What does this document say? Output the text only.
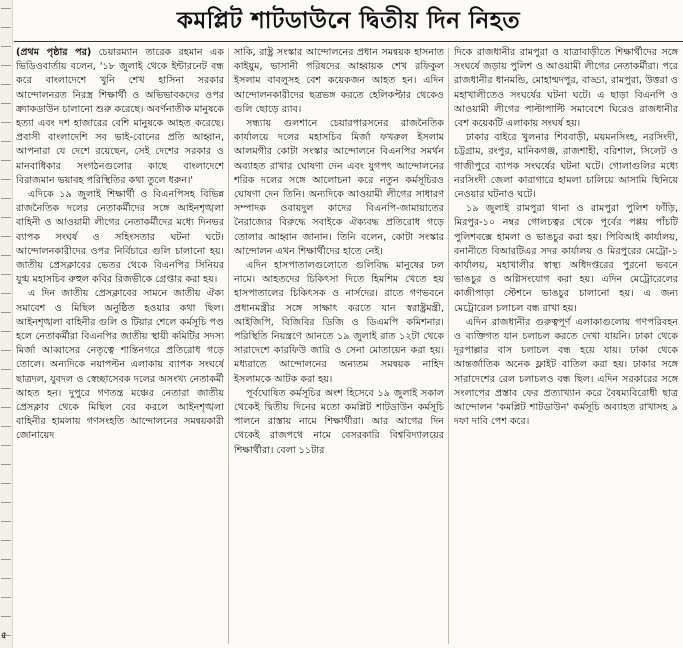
কমপ্লিট শাটডাউনে দ্বিতীয় দিন নিহত

(প্রথম পৃষ্ঠার পর) চেয়ারম্যান তারেক রহমান এক ভিডিওবার্তায় বলেন, '১৮ জুলাই থেকে ইন্টারনেট বন্ধ করে বাংলাদেশে খুনি শেখ হাসিনা সরকার আন্দোলনরত নিরস্ত্র শিক্ষার্থী ও অভিভাবকদের ওপর ক্র্যাকডাউন চালানো শুরু করেছে। অবর্ণনাতীক মানুষকে হত্যা এবং দশ হাজারের বেশি মানুষকে আহত করেছে। প্রবাসী বাংলাদেশি সব ভাই-বোনের প্রতি আহ্বান, আপনারা যে দেশে রয়েছেন, সেই দেশের সরকার ও মানবাধিকার সংগঠনগুলোর কাছে বাংলাদেশে বিরাজমান ভয়াবহ পরিস্থিতির কথা তুলে ধরুন।'

এদিকে ১৯ জুলাই শিক্ষার্থী ও বিএনপিসহ বিভিন্ন রাজনৈতিক দলের নেতাকর্মীদের সঙ্গে আইনশৃঙ্খলা বাহিনী ও আওয়ামী লীগের নেতাকর্মীদের মধ্যে দিনভর ব্যাপক সংঘর্ষ ও সহিংসতার ঘটনা ঘটে। আন্দোলনকারীদের ওপর নির্বিচারে গুলি চালানো হয়। জাতীয় প্রেসক্লাবের ভেতর থেকে বিএনপির সিনিয়র যুগ্ম মহাসচিব রুহুল কবির রিজভীকে গ্রেপ্তার করা হয়।

এ দিন জাতীয় প্রেসক্লাবের সামনে জাতীয় ঐক্য সমাবেশ ও মিছিল অনুষ্ঠিত হওয়ার কথা ছিল। আইনশৃঙ্খলা বাহিনীর গুলি ও টিয়ার শেলে কর্মসূচি পণ্ড হলে নেতাকর্মীরা বিএনপির জাতীয় স্থায়ী কমিটির সদস্য মির্জা আব্বাসের নেতৃত্বে শান্তিনগরে প্রতিরোধ গড়ে তোলে। অন্যদিকে নয়াপল্টন এলাকায় ব্যাপক সংঘর্ষে ছাত্রদল, যুবদল ও স্বেচ্ছাসেবক দলের অসংখ্য নেতাকর্মী আহত হন। দুপুরে গণতন্ত্র মঞ্চের নেতারা জাতীয় প্রেসক্লাব থেকে মিছিল বের করলে আইনশৃঙ্খলা বাহিনীর হামলায় গণসংহতি আন্দোলনের সমন্বয়কারী জোনায়েদ

সাকি, রাষ্ট্র সংস্কার আন্দোলনের প্রধান সমন্বয়ক হাসনাত কাইয়ুম, ভাসানী পরিষদের আহ্বায়ক শেখ রফিকুল ইসলাম বাবলুসহ বেশ কয়েকজন আহত হন। এদিন আন্দোলনকারীদের ছত্রভঙ্গ করতে হেলিকপ্টার থেকেও গুলি ছোড়ে র‍্যাব।

সন্ধ্যায় গুলশানে চেয়ারপারসনের রাজনৈতিক কার্যালয়ে দলের মহাসচিব মির্জা ফখরুল ইসলাম আলমগীর কোটা সংস্কার আন্দোলনে বিএনপির সমর্থন অব্যাহত রাখার ঘোষণা দেন এবং যুগপৎ আন্দোলনের শরিক দলের সঙ্গে আলোচনা করে নতুন কর্মসূচিরও ঘোষণা দেন তিনি। অন্যদিকে আওয়ামী লীগের সাধারণ সম্পাদক ওবায়দুল কাদের বিএনপি-জামায়াতের নৈরাজ্যের বিরুদ্ধে সবাইকে ঐক্যবদ্ধ প্রতিরোধ গড়ে তোলার আহ্বান জানান। তিনি বলেন, কোটা সংস্কার আন্দোলন এখন শিক্ষার্থীদের হাতে নেই।

এদিন হাসপাতালগুলোতে গুলিবিদ্ধ মানুষের ঢল নামে। আহতদের চিকিৎসা দিতে হিমশিম খেতে হয় হাসপাতালের চিকিৎসক ও নার্সদের। রাতে গণভবনে প্রধানমন্ত্রীর সঙ্গে সাক্ষাৎ করতে যান স্বরাষ্ট্রমন্ত্রী, আইজিপি, বিজিবির ডিজি ও ডিএমপি কমিশনার। পরিস্থিতি নিয়ন্ত্রণে আনতে ১৯ জুলাই রাত ১২টা থেকে সারাদেশে কারফিউ জারি ও সেনা মোতায়েন করা হয়। মধ্যরাতে আন্দোলনের অন্যতম সমন্বয়ক নাহিদ ইসলামকে আটক করা হয়।

পূর্বঘোষিত কর্মসূচির অংশ হিসেবে ১৯ জুলাই সকাল থেকেই দ্বিতীয় দিনের মতো কমপ্লিট শাটডাউন কর্মসূচি পালনে রাস্তায় নামে শিক্ষার্থীরা। আর আগের দিন থেকেই রাজপথে নামে বেসরকারি বিশ্ববিদ্যালয়ের শিক্ষার্থীরা। বেলা ১১টার

দিকে রাজধানীর রামপুরা ও যাত্রাবাড়ীতে শিক্ষার্থীদের সঙ্গে সংঘর্ষে জড়ায় পুলিশ ও আওয়ামী লীগের নেতাকর্মীরা। পরে রাজধানীর ধানমন্ডি, মোহাম্মদপুর, বাড্ডা, রামপুরা, উত্তরা ও মহাখালীতেও সংঘর্ষের ঘটনা ঘটে। এ ছাড়া বিএনপি ও আওয়ামী লীগের পাল্টাপাল্টি সমাবেশে ঘিরেও রাজধানীর বেশ কয়েকটি এলাকায় সংঘর্ষ হয়।

ঢাকার বাইরে খুলনার শিববাড়ী, ময়মনসিংহ, নরসিংদী, চট্টগ্রাম, রংপুর, মানিকগঞ্জ, রাজশাহী, বরিশাল, সিলেট ও গাজীপুরে ব্যাপক সংঘর্ষের ঘটনা ঘটে। গোলাগুলির মধ্যে নরসিংদী জেলা কারাগারে হামলা চালিয়ে আসামি ছিনিয়ে নেওয়ার ঘটনাও ঘটে।

১৯ জুলাই রামপুরা থানা ও রামপুরা পুলিশ ফাঁড়ি, মিরপুর-১০ নম্বর গোলচত্বর থেকে পূর্বের পপ্পয় পাঁচটি পুলিশবক্সে হামলা ও ভাঙচুর করা হয়। পিবিআই কার্যালয়, বনানীতে বিআরটিএর সদর কার্যালয় ও মিরপুরের মেট্রো-১ কার্যালয়, মহাখালীর স্বাস্থ্য অধিদপ্তরের পুরনো ভবনে ভাঙচুর ও অগ্নিসংযোগ করা হয়। এদিন মেট্রোরেলের কাজীপাড়া স্টেশনে ভাঙচুর চালানো হয়। এ জন্য মেট্রোরেল চলাচল বন্ধ রাখা হয়।

এদিন রাজধানীর গুরুত্বপূর্ণ এলাকাগুলোয় গণপরিবহন ও ব্যক্তিগত যান চলাচল করতে দেখা যায়নি। ঢাকা থেকে দূরপাল্লার বাস চলাচল বন্ধ হয়ে যায়। ঢাকা থেকে আন্তর্জাতিক অনেক ফ্লাইট বাতিল করা হয়। ঢাকার সঙ্গে সারাদেশের রেল চলাচলও বন্ধ ছিল। এদিন সরকারের সঙ্গে সংলাপের প্রস্তাব ফের প্রত্যাখ্যান করে বৈষম্যবিরোধী ছাত্র আন্দোলন 'কমপ্লিট শাটডাউন' কর্মসূচি অব্যাহত রাখাসহ ৯ দফা দাবি পেশ করে।

৫
